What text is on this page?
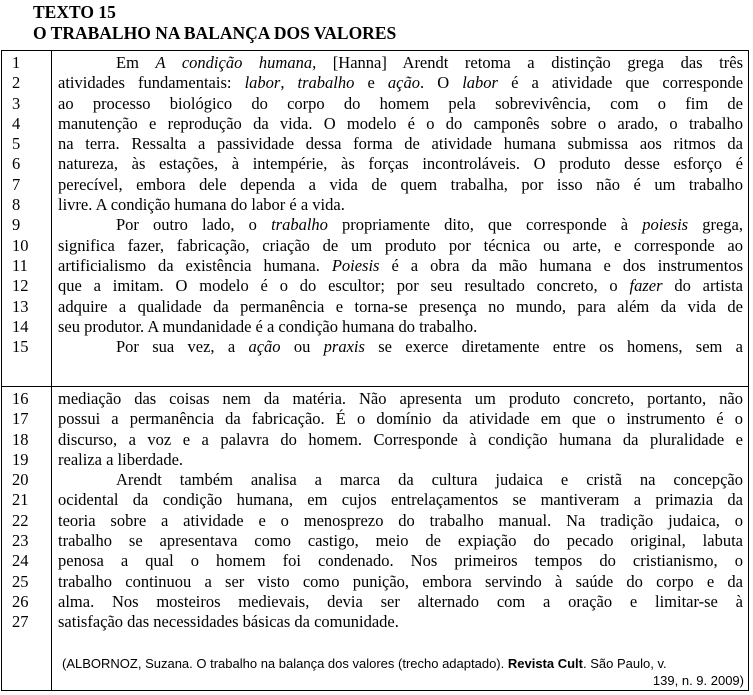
TEXTO 15
O TRABALHO NA BALANÇA DOS VALORES
1
2
3
4
5
6
7
8
9
10
11
12
13
14
15
Em A condição humana, [Hanna] Arendt retoma a distinção grega das três
atividades fundamentais: labor, trabalho e ação. O labor é a atividade que corresponde
ao processo biológico do corpo do homem pela sobrevivência, com o fim de
manutenção e reprodução da vida. O modelo é o do camponês sobre o arado, o trabalho
na terra. Ressalta a passividade dessa forma de atividade humana submissa aos ritmos da
natureza, às estações, à intempérie, às forças incontroláveis. O produto desse esforço é
perecível, embora dele dependa a vida de quem trabalha, por isso não é um trabalho
livre. A condição humana do labor é a vida.
Por outro lado, o trabalho propriamente dito, que corresponde à poiesis grega,
significa fazer, fabricação, criação de um produto por técnica ou arte, e corresponde ao
artificialismo da existência humana. Poiesis é a obra da mão humana e dos instrumentos
que a imitam. O modelo é o do escultor; por seu resultado concreto, o fazer do artista
adquire a qualidade da permanência e torna-se presença no mundo, para além da vida de
seu produtor. A mundanidade é a condição humana do trabalho.
Por sua vez, a ação ou praxis se exerce diretamente entre os homens, sem a
16
17
18
19
20
21
22
23
24
25
26
27
mediação das coisas nem da matéria. Não apresenta um produto concreto, portanto, não
possui a permanência da fabricação. É o domínio da atividade em que o instrumento é o
discurso, a voz e a palavra do homem. Corresponde à condição humana da pluralidade e
realiza a liberdade.
Arendt também analisa a marca da cultura judaica e cristã na concepção
ocidental da condição humana, em cujos entrelaçamentos se mantiveram a primazia da
teoria sobre a atividade e o menosprezo do trabalho manual. Na tradição judaica, o
trabalho se apresentava como castigo, meio de expiação do pecado original, labuta
penosa a qual o homem foi condenado. Nos primeiros tempos do cristianismo, o
trabalho continuou a ser visto como punição, embora servindo à saúde do corpo e da
alma. Nos mosteiros medievais, devia ser alternado com a oração e limitar-se à
satisfação das necessidades básicas da comunidade.
(ALBORNOZ, Suzana. O trabalho na balança dos valores (trecho adaptado). Revista Cult. São Paulo, v.
139, n. 9. 2009)
